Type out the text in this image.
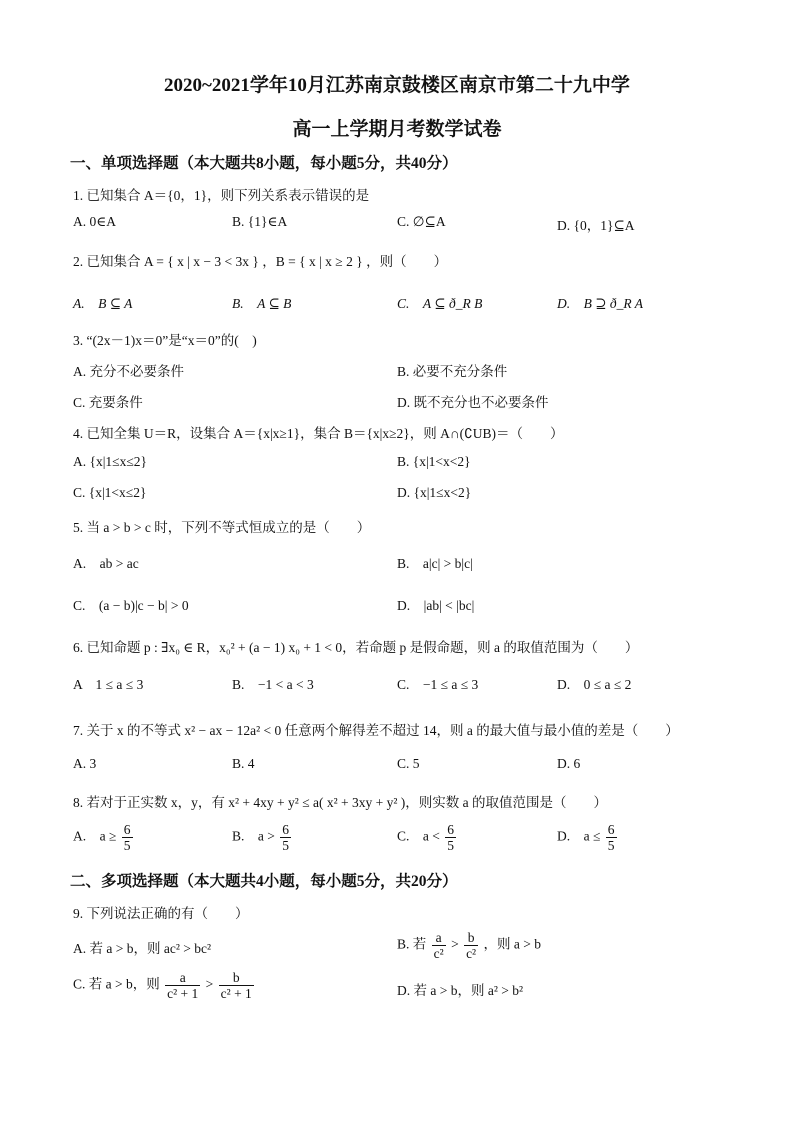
2020~2021学年10月江苏南京鼓楼区南京市第二十九中学
高一上学期月考数学试卷
一、单项选择题（本大题共8小题，每小题5分，共40分）
1. 已知集合 A＝{0，1}，则下列关系表示错误的是
A. 0∈A	B. {1}∈A	C. ∅⊆A	D. {0，1}⊆A
2. 已知集合 A = { x | x − 3 < 3x } ，B = { x | x ≥ 2 } ，则（　　）
A.　B ⊆ A	B.　A ⊆ B	C.　A ⊆ ð_R B	D.　B ⊇ ð_R A
3. “(2x－1)x＝0”是“x＝0”的(　)
A. 充分不必要条件	B. 必要不充分条件
C. 充要条件	D. 既不充分也不必要条件
4. 已知全集 U＝R，设集合 A＝{x|x≥1}，集合 B＝{x|x≥2}，则 A∩(∁UB)＝（　　）
A. {x|1≤x≤2}	B. {x|1<x<2}
C. {x|1<x≤2}	D. {x|1≤x<2}
5. 当 a > b > c 时，下列不等式恒成立的是（　　）
A.　ab > ac	B.　a|c| > b|c|
C.　(a − b)|c − b| > 0	D.　|ab| < |bc|
6. 已知命题 p : ∃x₀ ∈ R，x₀² + (a − 1) x₀ + 1 < 0，若命题 p 是假命题，则 a 的取值范围为（　　）
A　1 ≤ a ≤ 3	B.　−1 < a < 3	C.　−1 ≤ a ≤ 3	D.　0 ≤ a ≤ 2
7. 关于 x 的不等式 x² − ax − 12a² < 0 任意两个解得差不超过 14，则 a 的最大值与最小值的差是（　　）
A. 3	B. 4	C. 5	D. 6
8. 若对于正实数 x，y，有 x² + 4xy + y² ≤ a( x² + 3xy + y² )，则实数 a 的取值范围是（　　）
A.　$a \ge \frac{6}{5}$	B.　$a > \frac{6}{5}$	C.　$a < \frac{6}{5}$	D.　$a \le \frac{6}{5}$
二、多项选择题（本大题共4小题，每小题5分，共20分）
9. 下列说法正确的有（　　）
A. 若 a > b，则 ac² > bc²	B. 若 $\frac{a}{\text{c²}} > \frac{b}{\text{c²}}$ ，则 a > b
C. 若 a > b，则 $\frac{a}{\text{c² + 1}} > \frac{b}{\text{c² + 1}}$	D. 若 a > b，则 a² > b²
